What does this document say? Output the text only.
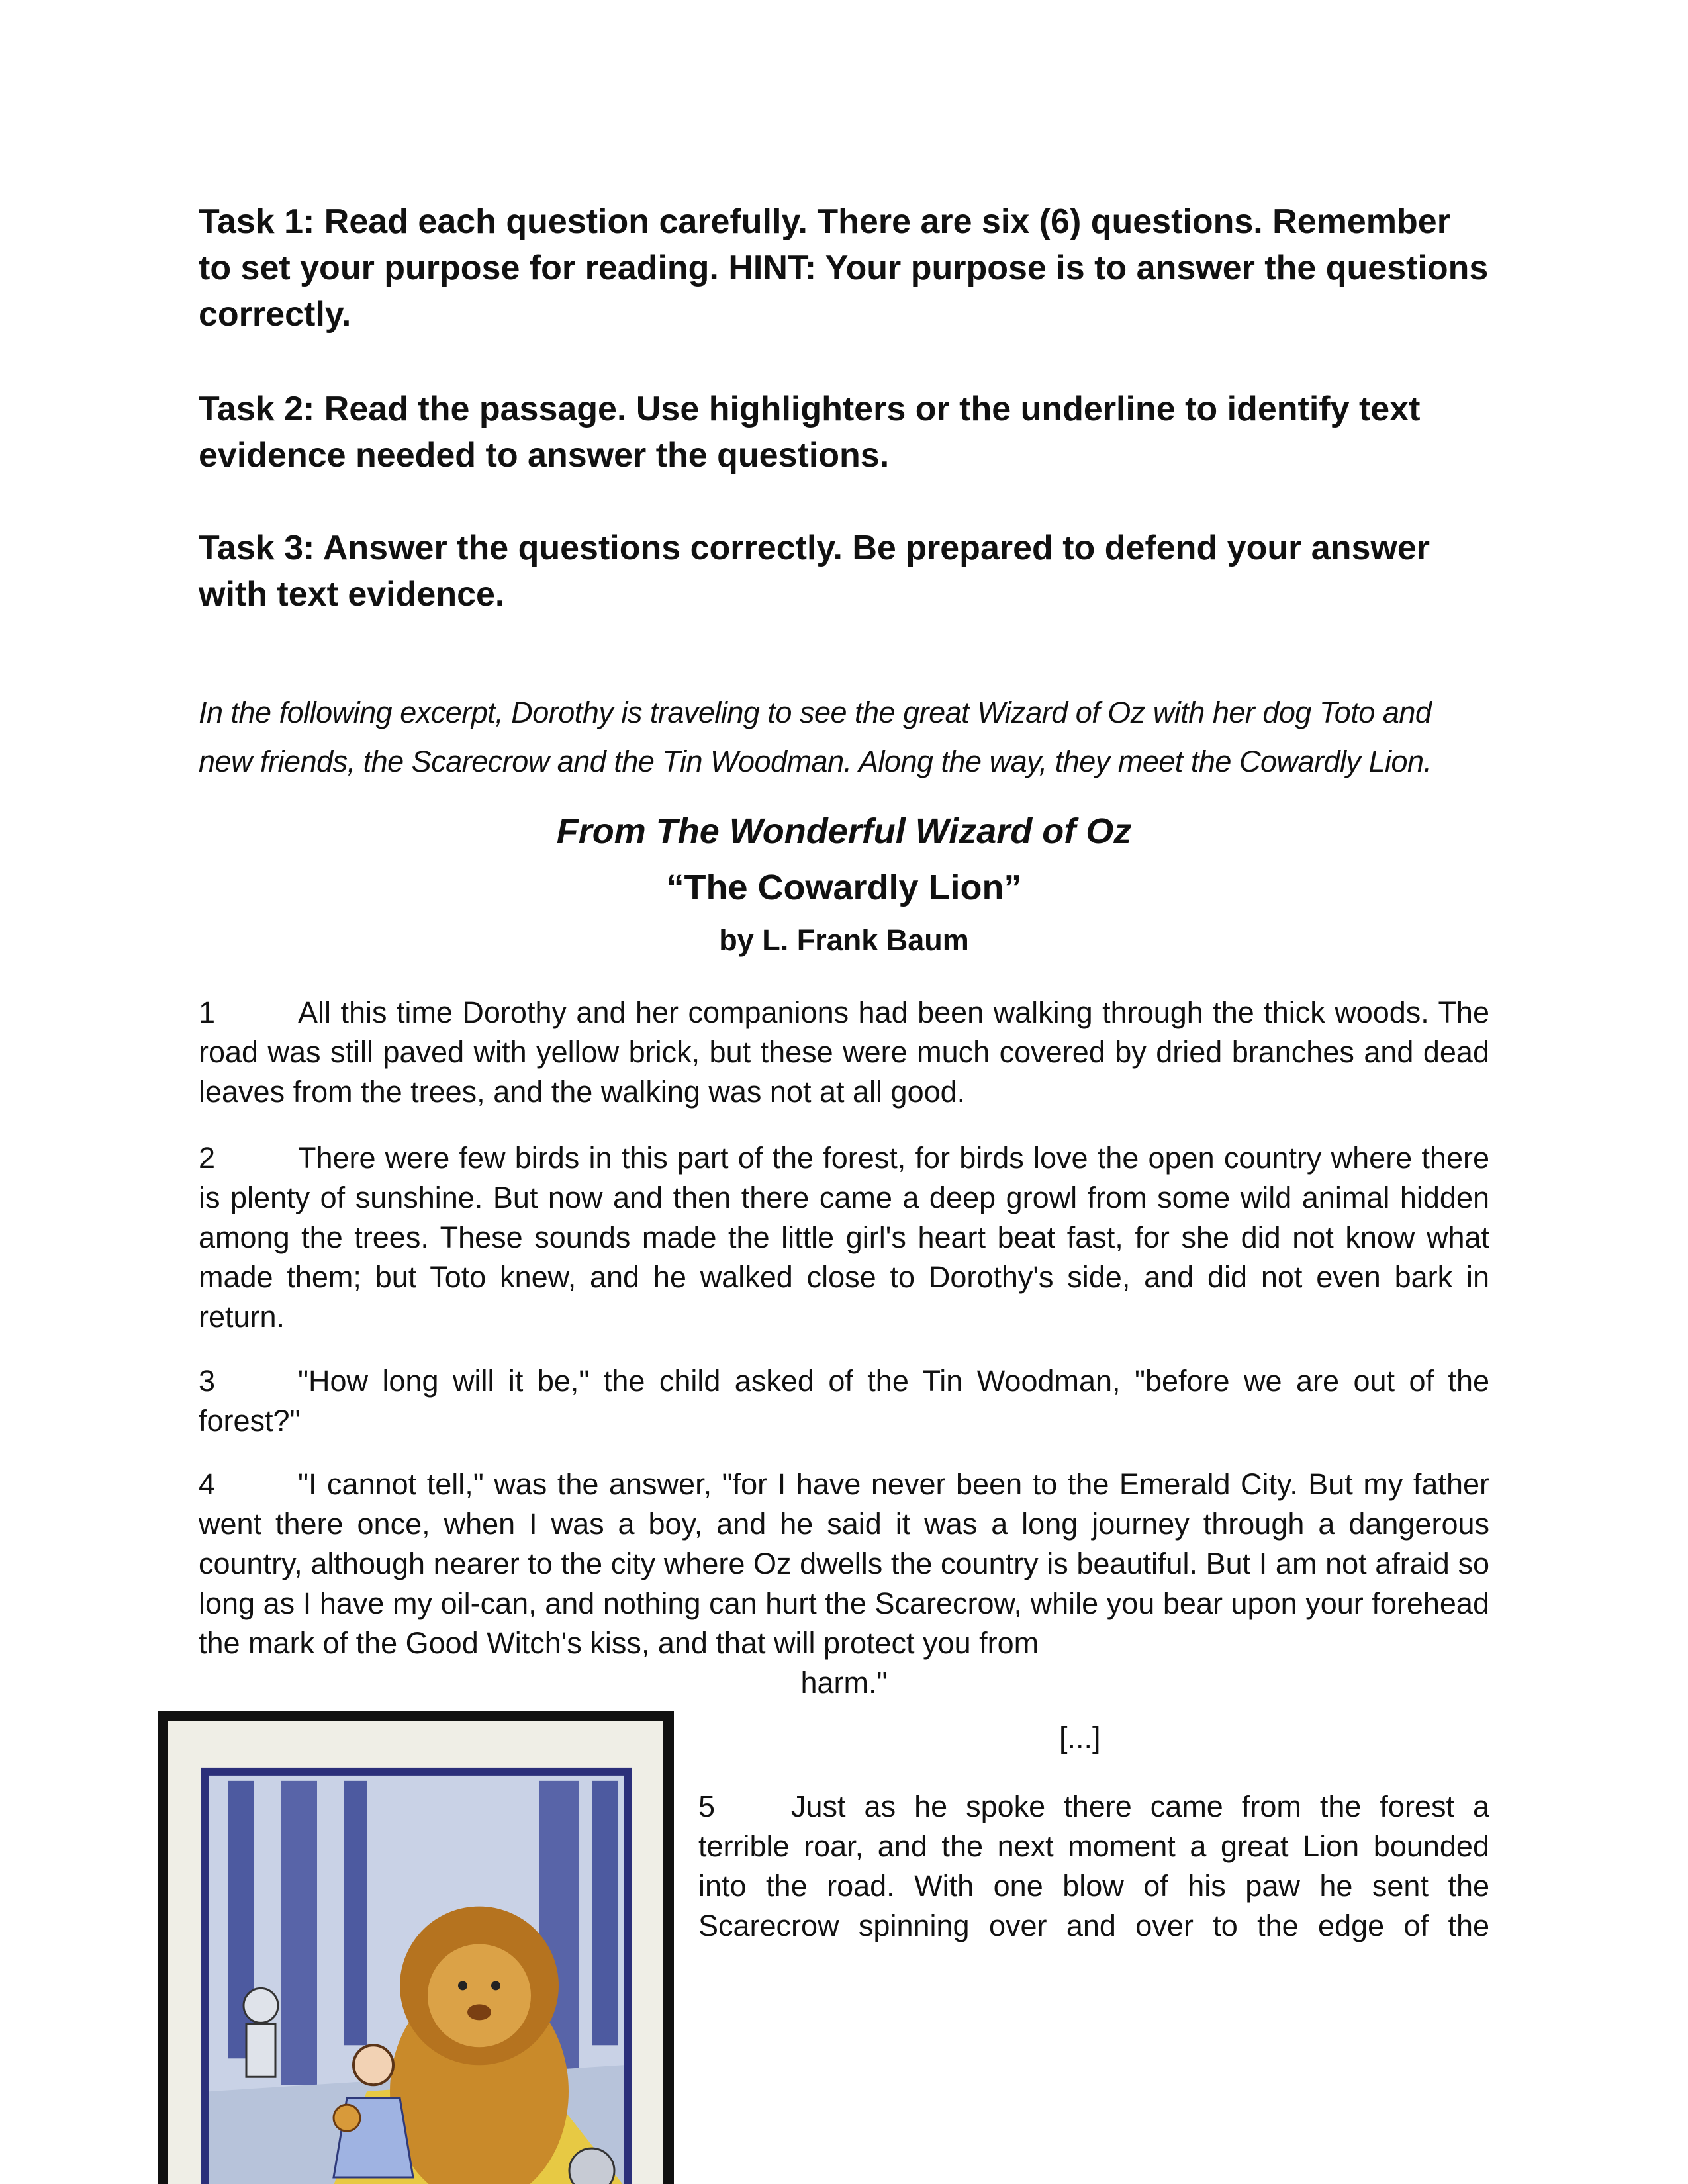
Task 1: Read each question carefully. There are six (6) questions. Remember to set your purpose for reading. HINT: Your purpose is to answer the questions correctly.

Task 2: Read the passage. Use highlighters or the underline to identify text evidence needed to answer the questions.

Task 3: Answer the questions correctly. Be prepared to defend your answer with text evidence.

In the following excerpt, Dorothy is traveling to see the great Wizard of Oz with her dog Toto and new friends, the Scarecrow and the Tin Woodman. Along the way, they meet the Cowardly Lion.

From The Wonderful Wizard of Oz

“The Cowardly Lion”

by L. Frank Baum

1	All this time Dorothy and her companions had been walking through the thick woods. The road was still paved with yellow brick, but these were much covered by dried branches and dead leaves from the trees, and the walking was not at all good.

2	There were few birds in this part of the forest, for birds love the open country where there is plenty of sunshine. But now and then there came a deep growl from some wild animal hidden among the trees. These sounds made the little girl's heart beat fast, for she did not know what made them; but Toto knew, and he walked close to Dorothy's side, and did not even bark in return.

3	"How long will it be," the child asked of the Tin Woodman, "before we are out of the forest?"

4	"I cannot tell," was the answer, "for I have never been to the Emerald City. But my father went there once, when I was a boy, and he said it was a long journey through a dangerous country, although nearer to the city where Oz dwells the country is beautiful. But I am not afraid so long as I have my oil-can, and nothing can hurt the Scarecrow, while you bear upon your forehead the mark of the Good Witch's kiss, and that will protect you from
harm."

[...]

5	Just as he spoke there came from the forest a terrible roar, and the next moment a great Lion bounded into the road. With one blow of his paw he sent the Scarecrow spinning over and over to the edge of the
